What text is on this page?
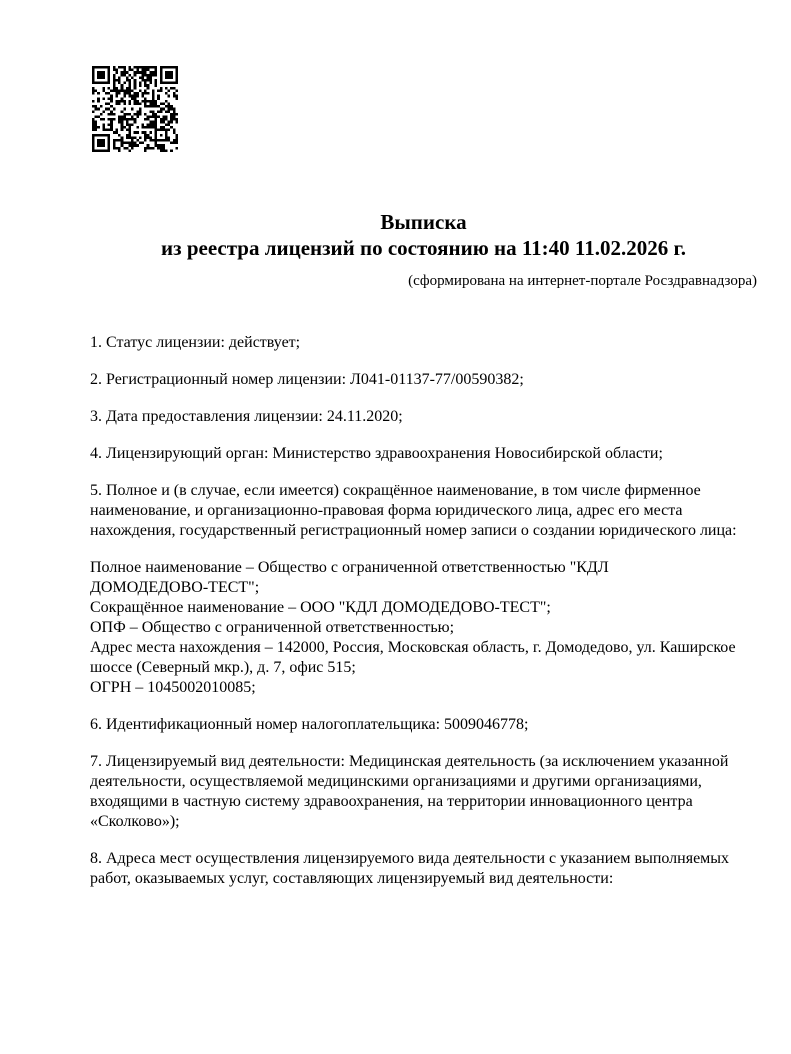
Выписка
из реестра лицензий по состоянию на 11:40 11.02.2026 г.
(сформирована на интернет-портале Росздравнадзора)
1. Статус лицензии: действует;
2. Регистрационный номер лицензии: Л041-01137-77/00590382;
3. Дата предоставления лицензии: 24.11.2020;
4. Лицензирующий орган: Министерство здравоохранения Новосибирской области;
5. Полное и (в случае, если имеется) сокращённое наименование, в том числе фирменное
наименование, и организационно-правовая форма юридического лица, адрес его места
нахождения, государственный регистрационный номер записи о создании юридического лица:
Полное наименование – Общество с ограниченной ответственностью "КДЛ
ДОМОДЕДОВО-ТЕСТ";
Сокращённое наименование – ООО "КДЛ ДОМОДЕДОВО-ТЕСТ";
ОПФ – Общество с ограниченной ответственностью;
Адрес места нахождения – 142000, Россия, Московская область, г. Домодедово, ул. Каширское
шоссе (Северный мкр.), д. 7, офис 515;
ОГРН – 1045002010085;
6. Идентификационный номер налогоплательщика: 5009046778;
7. Лицензируемый вид деятельности: Медицинская деятельность (за исключением указанной
деятельности, осуществляемой медицинскими организациями и другими организациями,
входящими в частную систему здравоохранения, на территории инновационного центра
«Сколково»);
8. Адреса мест осуществления лицензируемого вида деятельности с указанием выполняемых
работ, оказываемых услуг, составляющих лицензируемый вид деятельности:
